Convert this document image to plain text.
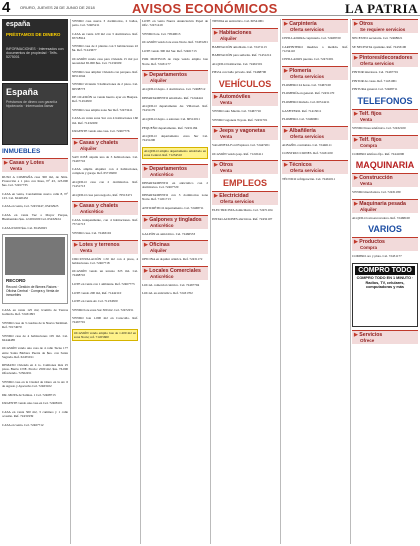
4 ORURO, JUEVES 28 DE JUNIO DE 2018	AVISOS ECONÓMICOS	LA PATRIA
españa
PRÉSTAMOS DE DINERO
INFORMACIONES · Interesados con documentos de propiedad · Telfs. 5275001
España
Préstamos de dinero con garantía hipotecaria · Interesados llamar
INMUEBLES
▶ Casas y Lotes
Venta
RUSO A COMPAÑA casa 300 m2, de 3mts. Protección a 1 piso con línea, N° 43, 123.000 $us. Cel. 72457735
CASA en venta, Condominio nuevo calle 8, N° 123. Cel. 62420432
CASA en venta, Cel. 72453247, 65432925
CASA en venta Vez a Mayor Parque, Bienbenidos $us. 12.000.000 Cel. 65432924
CASA 63.000 $us. Cel. 65432925
RECORD
Record: Gestión de Bienes Raíces · Oficina Central · Compra y Venta de inmuebles
CASA en venta 125 m2, Icamilo de Tierras Gallardo. Ref. 72431993
VENDO casa de 3 cuadras de la Nueva Terminal. Ref. 70174070
VENDO casa de 4 habitaciones 105 m2. Cel. 62444485
OCASIÓN vendo una casa de 4 calle Tacna 177 entre Santa Bárbara Puerta de $us. con Santa Sagrada. Ref. 62455011
REMATO vivienda en 4 to. Camiones más 25 pisos. Barrio CNE. Precio: 2500 m2. $us. 76.000 Ofreciendo. 72562451
VENDO casa en la Ciudad de Oruro en la Av. 6 de Agosto y Ayacucho Cel. 72463102
DR. MOYA de Salinas. 1 Cel. 72468713
URGENTE vendo una casa en Cel. 72468101
CASA en venta 500 m2, 3 caminos y 1 calle ocasión. Ref. 72431939
CASA en venta. Cel. 72467712
VENDO casa nueva 3 dormitorios, 2 baños, patio. Cel. 72405211
CASA en venta 120 m2 con 3 dormitorios. Ref. 65718914
VENDO casa de 2 plantas con 5 habitaciones 22 $k. Ref. 71243677
OCASIÓN vendo casa para vivienda 15 m2 por necesidad 65.000 $us. Cel. 71234509
VENDO casa ampliar vivienda con parqueo. Ref. 60512044
VENDO vivienda 3 habitaciones de 2 pisos. Cel. 60538773
DE OCASIÓN se vende huerto ayer en Huajara. Ref. 71454500
VENDO casa amplia zona Sur Ref. 72473411
CASA en venta zona Sur con 4 habitaciones 160 m2. Ref. 71432209
URGENTE vendo una casa. Cel. 72467776
▶ Casas y chalets
Alquiler
SAN JOSÉ alquila una de 3 habitaciones. Cel. 72467716
CASA amplia Alquiler con 4 habitaciones, completa y garaje. Ref. 65718200
ALQUILO casa con 2 dormitorios. Ref. 71451713
ALQUILO casa para negocio, Ref. 70513471
▶ Casas y chalets
Anticrético
CASA independiente, con 4 habitaciones. Ref. 75741713
VENDO casa. Cel. 72463102
▶ Lotes y terrenos
Venta
CIRCUNVALACIÓN 1.50 m2 con 4 pisos, 4 habitaciones. Cel. 72467718
OCASIÓN vendo un terreno 323 m2. Cel. 72468710
LOTE en venta con 1 ambiente. Ref. 72467773
LOTE vendo 200 m2, Ref. 71442110
LOTE en venta Av. Cel. 71234500
VENDO lote zona Sur 300 m2. Cel. 72472251
VENDO lote 1.000 m2 en Caracollo. Ref. 72467701
OCASIÓN vendo amplio lote de 1.200 m2 en zona Norte; ref. 71455600
LOTE en venta Nueva Anunciación Papel de Ofic. 72471419
VENDO lote. Cel. 70540013
OCASIÓN vendo lote zona Norte. Ref. 72455201
LOTE vendo 300 m2 Sur. Ref. 72461713
POR MOTIVOS de viaje vendo amplio lote Norte. Ref. 72431177
▶ Departamentos
Alquiler
ALQUILO depto. 2 dormitorios. Cel. 72468712
DEPARTAMENTO amoblado. Ref. 71244441
ALQUILO departamento Av. Villarroel. Ref. 72431179
ALQUILO depto. a estrenar. Cel. 60512011
PEQUEÑO departamento. Ref. 72431184
ALQUILO departamento zona Sur Cel. 72431200
ALQUILO amplio departamento amoblado en zona Central. Ref. 71234510
▶ Departamentos
Anticrético
DEPARTAMENTO en anticrético con 2 dormitorios. Cel. 72467720
DEPARTAMENTO con 3 dormitorios zona Norte. Ref. 71451713
ANTICRÉTICO departamento. Cel. 72468711
▶ Galpones y tinglados
Anticrético
GALPÓN en anticrético. Cel. 72466533
▶ Oficinas
Alquiler
OFICINA en alquiler céntrica. Ref. 72431172
▶ Locales Comerciales
Anticrético
LOCAL comercial céntrico. Cel. 72467704
LOCAL en anticrético. Ref. 72431702
TIENDA en anticrético. Cel. 60541001
▶ Habitaciones
Alquiler
HABITACIÓN amoblada. Cel. 72471113
HABITACIÓN para señorita. Ref. 71451212
ALQUILO habitación. Cel. 72461501
PIEZA con baño privado. Ref. 72468700
VEHÍCULOS
▶ Automóviles
Venta
VENDO auto Mazda. Cel. 72467716
VENDO vagoneta Toyota. Ref. 72431701
▶ Jeeps y vagonetas
Venta
VAGONETA Ford Explorer. Cel. 72447201
OCASIÓN vendo jeep. Ref. 71245411
▶ Otros
Venta
EMPLEOS
▶ Electricidad
Oferta servicios
ELECTRICISTA domiciliario. Cel. 72471104
INSTALACIONES eléctricas. Ref. 72432107
▶ Carpintería
Oferta servicios
CEPILLADORA carpintería. Cel. 72468720
CARPINTERO muebles a medida. Ref. 71234110
CEPILLADOS puertas. Cel. 72471001
▶ Plomería
Oferta servicios
PLOMERO 24 horas. Cel. 72467100
PLOMERÍA en general. Ref. 72431170
PLOMERO titulado. Cel. 60514211
GASFITERO. Ref. 71413011
PLOMERO. Cel. 72460001
▶ Albañilería
Oferta servicios
ALBAÑIL contratista. Cel. 72446111
CONSTRUCCIONES. Ref. 72431100
▶ Técnicos
Oferta servicios
TÉCNICO refrigeración. Cel. 72461011
▶ Otros
Se requiere servicios
NECESITO secretaria. Cel. 72468021
SE NECESITA ayudante. Ref. 72433100
▶ Pintores/decoradores
Oferta servicios
PINTOR interiores. Cel. 72467701
PINTOR de casas. Ref. 71431001
PINTURA general. Cel. 72468711
TELEFONOS
▶ Telf. fijos
Venta
VENDO línea telefónica. Cel. 72432100
▶ Telf. fijos
Compra
COMPRO teléfono fijo. Ref. 72441000
MAQUINARIA
▶ Construcción
Venta
VENDO mezcladora. Cel. 72431180
▶ Maquinaria pesada
Alquiler
ALQUILO retroexcavadora. Ref. 72468100
VARIOS
▶ Productos
Compra
COMPRO oro y plata. Cel. 72431177
COMPRO TODO
COMPRO TODO EN 1 MINUTO · Radios, TV, celulares, computadoras y más
▶ Servicios
Ofrece
